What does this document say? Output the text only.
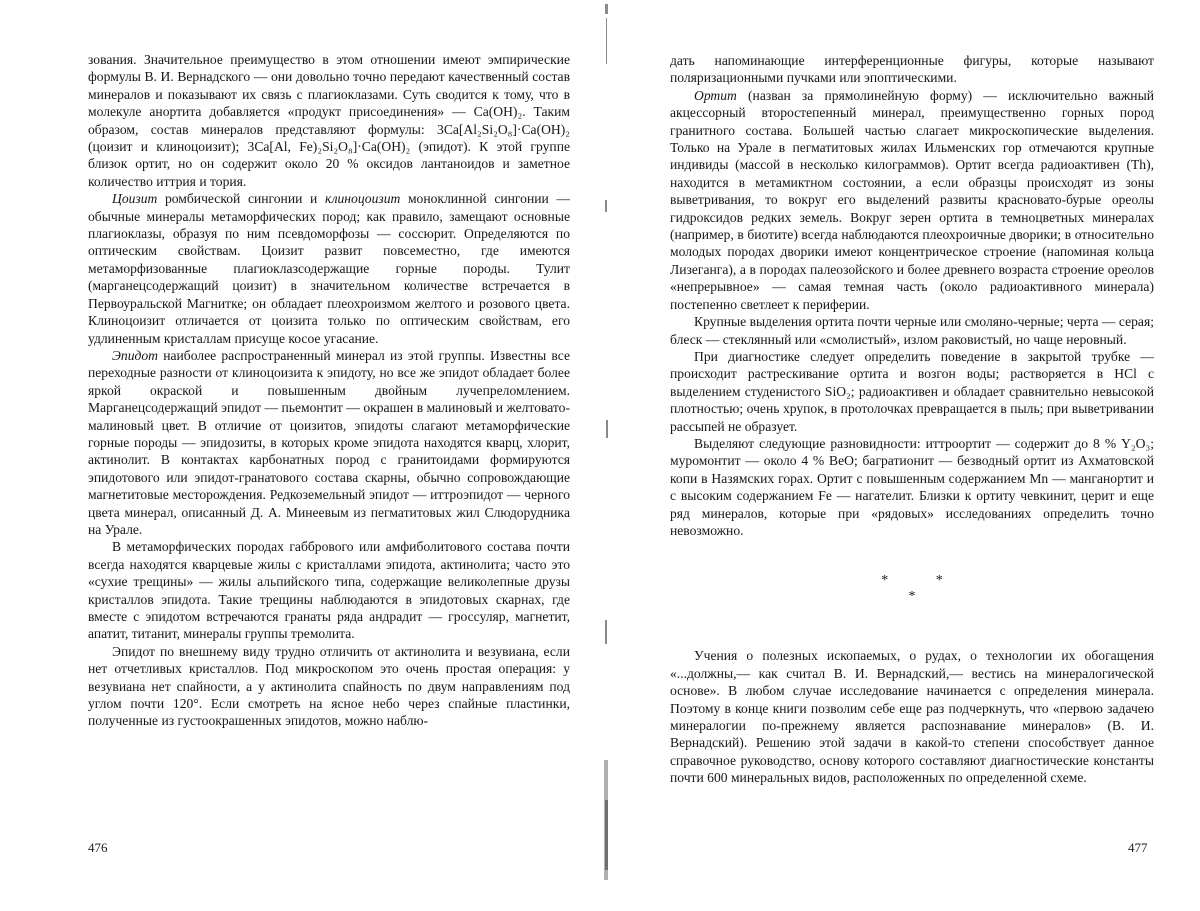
зования. Значительное преимущество в этом отношении имеют эмпирические формулы В. И. Вернадского — они довольно точно передают качественный состав минералов и показывают их связь с плагиоклазами. Суть сводится к тому, что в молекуле анортита добавляется «продукт присоединения» — Ca(OH)₂. Таким образом, состав минералов представляют формулы: 3Ca[Al₂Si₂O₈]·Ca(OH)₂ (цоизит и клиноцоизит); 3Ca[Al, Fe)₂Si₂O₈]·Ca(OH)₂ (эпидот). К этой группе близок ортит, но он содержит около 20 % оксидов лантаноидов и заметное количество иттрия и тория.

Цоизит ромбической сингонии и клиноцоизит моноклинной сингонии — обычные минералы метаморфических пород; как правило, замещают основные плагиоклазы, образуя по ним псевдоморфозы — соссюрит. Определяются по оптическим свойствам. Цоизит развит повсеместно, где имеются метаморфизованные плагиоклазсодержащие горные породы. Тулит (марганецсодержащий цоизит) в значительном количестве встречается в Первоуральской Магнитке; он обладает плеохроизмом желтого и розового цвета. Клиноцоизит отличается от цоизита только по оптическим свойствам, его удлиненным кристаллам присуще косое угасание.

Эпидот наиболее распространенный минерал из этой группы. Известны все переходные разности от клиноцоизита к эпидоту, но все же эпидот обладает более яркой окраской и повышенным двойным лучепреломлением. Марганецсодержащий эпидот — пьемонтит — окрашен в малиновый и желтовато-малиновый цвет. В отличие от цоизитов, эпидоты слагают метаморфические горные породы — эпидозиты, в которых кроме эпидота находятся кварц, хлорит, актинолит. В контактах карбонатных пород с гранитоидами формируются эпидотового или эпидот-гранатового состава скарны, обычно сопровождающие магнетитовые месторождения. Редкоземельный эпидот — иттроэпидот — черного цвета минерал, описанный Д. А. Минеевым из пегматитовых жил Слюдорудника на Урале.

В метаморфических породах габбрового или амфиболитового состава почти всегда находятся кварцевые жилы с кристаллами эпидота, актинолита; часто это «сухие трещины» — жилы альпийского типа, содержащие великолепные друзы кристаллов эпидота. Такие трещины наблюдаются в эпидотовых скарнах, где вместе с эпидотом встречаются гранаты ряда андрадит — гроссуляр, магнетит, апатит, титанит, минералы группы тремолита.

Эпидот по внешнему виду трудно отличить от актинолита и везувиана, если нет отчетливых кристаллов. Под микроскопом это очень простая операция: у везувиана нет спайности, а у актинолита спайность по двум направлениям под углом почти 120°. Если смотреть на ясное небо через спайные пластинки, полученные из густоокрашенных эпидотов, можно наблю-

476

дать напоминающие интерференционные фигуры, которые называют поляризационными пучками или эпоптическими.

Ортит (назван за прямолинейную форму) — исключительно важный акцессорный второстепенный минерал, преимущественно горных пород гранитного состава. Большей частью слагает микроскопические выделения. Только на Урале в пегматитовых жилах Ильменских гор отмечаются крупные индивиды (массой в несколько килограммов). Ортит всегда радиоактивен (Th), находится в метамиктном состоянии, а если образцы происходят из зоны выветривания, то вокруг его выделений развиты красновато-бурые ореолы гидроксидов редких земель. Вокруг зерен ортита в темноцветных минералах (например, в биотите) всегда наблюдаются плеохроичные дворики; в относительно молодых породах дворики имеют концентрическое строение (напоминая кольца Лизеганга), а в породах палеозойского и более древнего возраста строение ореолов «непрерывное» — самая темная часть (около радиоактивного минерала) постепенно светлеет к периферии.

Крупные выделения ортита почти черные или смоляно-черные; черта — серая; блеск — стеклянный или «смолистый», излом раковистый, но чаще неровный.

При диагностике следует определить поведение в закрытой трубке — происходит растрескивание ортита и возгон воды; растворяется в HCl с выделением студенистого SiO₂; радиоактивен и обладает сравнительно невысокой плотностью; очень хрупок, в протолочках превращается в пыль; при выветривании рассыпей не образует.

Выделяют следующие разновидности: иттроортит — содержит до 8 % Y₂O₃; муромонтит — около 4 % BeO; багратионит — безводный ортит из Ахматовской копи в Назямских горах. Ортит с повышенным содержанием Mn — манганортит и с высоким содержанием Fe — нагателит. Близки к ортиту чевкинит, церит и еще ряд минералов, которые при «рядовых» исследованиях определить точно невозможно.

* *
*

Учения о полезных ископаемых, о рудах, о технологии их обогащения «...должны,— как считал В. И. Вернадский,— вестись на минералогической основе». В любом случае исследование начинается с определения минерала. Поэтому в конце книги позволим себе еще раз подчеркнуть, что «первою задачею минералогии по-прежнему является распознавание минералов» (В. И. Вернадский). Решению этой задачи в какой-то степени способствует данное справочное руководство, основу которого составляют диагностические константы почти 600 минеральных видов, расположенных по определенной схеме.

477
